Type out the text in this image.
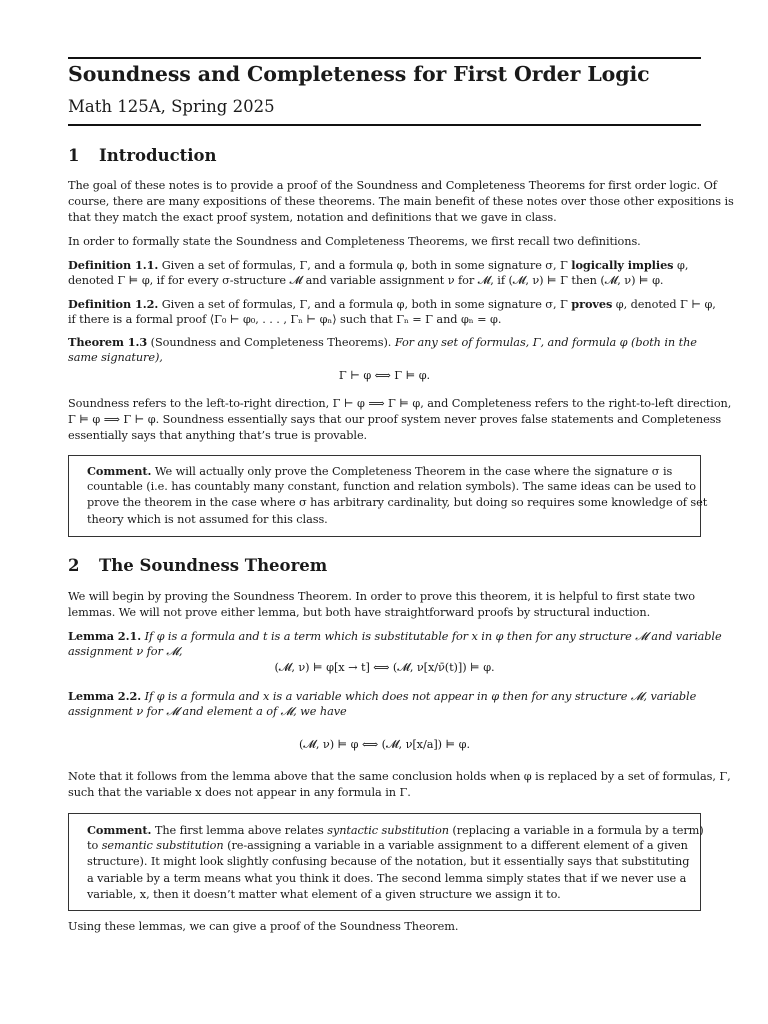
Soundness and Completeness for First Order Logic
Math 125A, Spring 2025
1 Introduction
The goal of these notes is to provide a proof of the Soundness and Completeness Theorems for first order logic. Of
course, there are many expositions of these theorems. The main benefit of these notes over those other expositions is
that they match the exact proof system, notation and definitions that we gave in class.
In order to formally state the Soundness and Completeness Theorems, we first recall two definitions.
Definition 1.1. Given a set of formulas, Γ, and a formula φ, both in some signature σ, Γ logically implies φ,
denoted Γ ⊨ φ, if for every σ-structure 𝓜 and variable assignment ν for 𝓜, if (𝓜, ν) ⊨ Γ then (𝓜, ν) ⊨ φ.
Definition 1.2. Given a set of formulas, Γ, and a formula φ, both in some signature σ, Γ proves φ, denoted Γ ⊢ φ,
if there is a formal proof ⟨Γ₀ ⊢ φ₀, . . . , Γₙ ⊢ φₙ⟩ such that Γₙ = Γ and φₙ = φ.
Theorem 1.3 (Soundness and Completeness Theorems). For any set of formulas, Γ, and formula φ (both in the
same signature),
Γ ⊢ φ ⟺ Γ ⊨ φ.
Soundness refers to the left-to-right direction, Γ ⊢ φ ⟹ Γ ⊨ φ, and Completeness refers to the right-to-left direction,
Γ ⊨ φ ⟹ Γ ⊢ φ. Soundness essentially says that our proof system never proves false statements and Completeness
essentially says that anything that’s true is provable.
Comment. We will actually only prove the Completeness Theorem in the case where the signature σ is
countable (i.e. has countably many constant, function and relation symbols). The same ideas can be used to
prove the theorem in the case where σ has arbitrary cardinality, but doing so requires some knowledge of set
theory which is not assumed for this class.
2 The Soundness Theorem
We will begin by proving the Soundness Theorem. In order to prove this theorem, it is helpful to first state two
lemmas. We will not prove either lemma, but both have straightforward proofs by structural induction.
Lemma 2.1. If φ is a formula and t is a term which is substitutable for x in φ then for any structure 𝓜 and variable
assignment ν for 𝓜,
(𝓜, ν) ⊨ φ[x → t] ⟺ (𝓜, ν[x/ν̄(t)]) ⊨ φ.
Lemma 2.2. If φ is a formula and x is a variable which does not appear in φ then for any structure 𝓜, variable
assignment ν for 𝓜 and element a of 𝓜, we have
(𝓜, ν) ⊨ φ ⟺ (𝓜, ν[x/a]) ⊨ φ.
Note that it follows from the lemma above that the same conclusion holds when φ is replaced by a set of formulas, Γ,
such that the variable x does not appear in any formula in Γ.
Comment. The first lemma above relates syntactic substitution (replacing a variable in a formula by a term)
to semantic substitution (re-assigning a variable in a variable assignment to a different element of a given
structure). It might look slightly confusing because of the notation, but it essentially says that substituting
a variable by a term means what you think it does. The second lemma simply states that if we never use a
variable, x, then it doesn’t matter what element of a given structure we assign it to.
Using these lemmas, we can give a proof of the Soundness Theorem.
